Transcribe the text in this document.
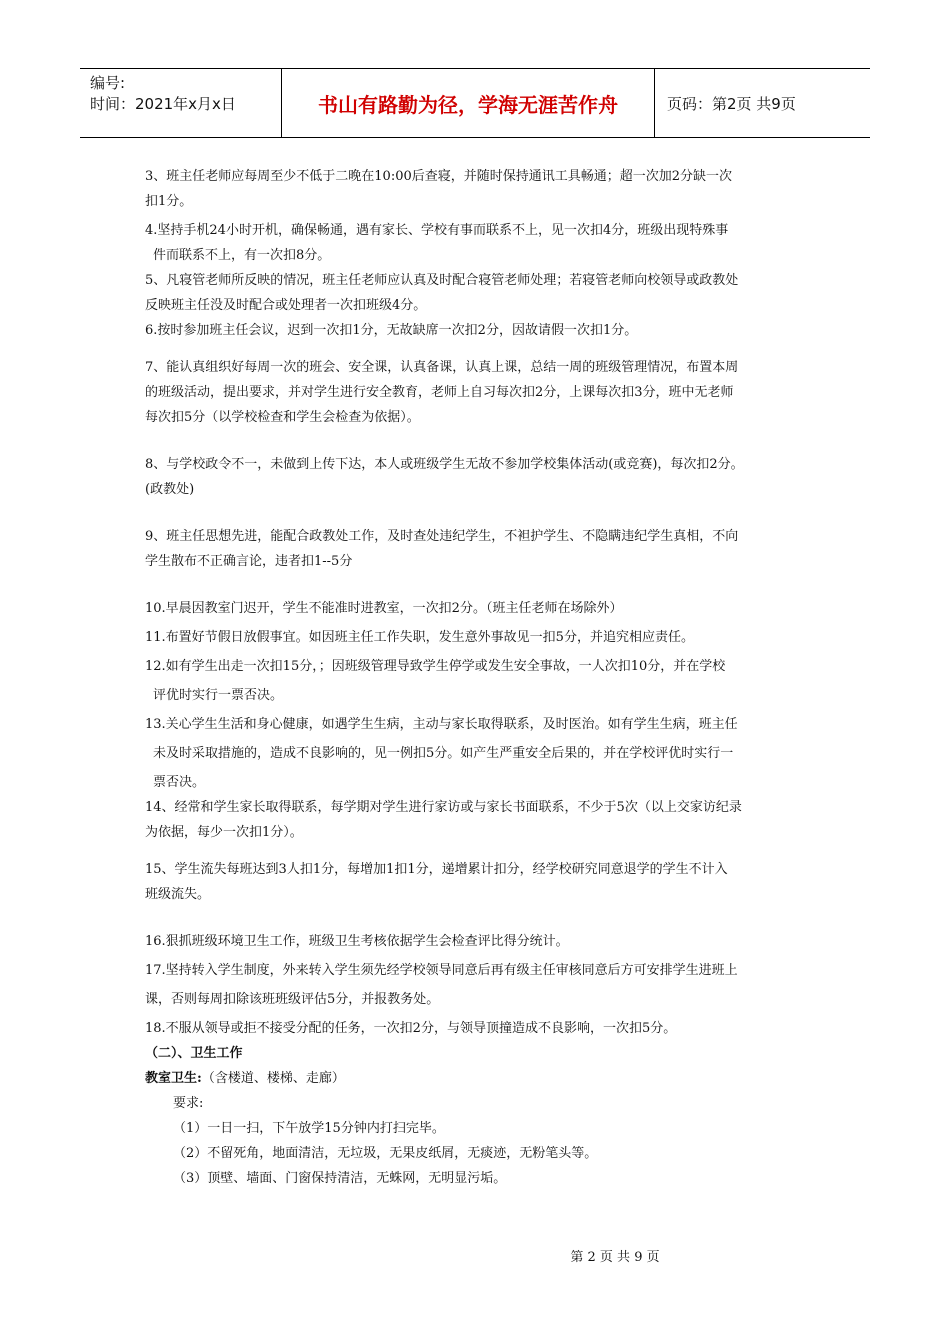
编号:
时间：2021年x月x日	书山有路勤为径，学海无涯苦作舟	页码：第2页 共9页

3、班主任老师应每周至少不低于二晚在10:00后查寝，并随时保持通讯工具畅通；超一次加2分缺一次

扣1分。

4.坚持手机24小时开机，确保畅通，遇有家长、学校有事而联系不上，见一次扣4分，班级出现特殊事

件而联系不上，有一次扣8分。

5、凡寝管老师所反映的情况，班主任老师应认真及时配合寝管老师处理；若寝管老师向校领导或政教处

反映班主任没及时配合或处理者一次扣班级4分。

6.按时参加班主任会议，迟到一次扣1分，无故缺席一次扣2分，因故请假一次扣1分。

7、能认真组织好每周一次的班会、安全课，认真备课，认真上课，总结一周的班级管理情况，布置本周

的班级活动，提出要求，并对学生进行安全教育，老师上自习每次扣2分，上课每次扣3分，班中无老师

每次扣5分（以学校检查和学生会检查为依据）。

8、与学校政令不一，未做到上传下达，本人或班级学生无故不参加学校集体活动(或竞赛)，每次扣2分。

(政教处)

9、班主任思想先进，能配合政教处工作，及时查处违纪学生，不袒护学生、不隐瞒违纪学生真相，不向

学生散布不正确言论，违者扣1--5分

10.早晨因教室门迟开，学生不能准时进教室，一次扣2分。（班主任老师在场除外）

11.布置好节假日放假事宜。如因班主任工作失职，发生意外事故见一扣5分，并追究相应责任。

12.如有学生出走一次扣15分，；因班级管理导致学生停学或发生安全事故，一人次扣10分，并在学校

评优时实行一票否决。

13.关心学生生活和身心健康，如遇学生生病，主动与家长取得联系，及时医治。如有学生生病，班主任

未及时采取措施的，造成不良影响的，见一例扣5分。如产生严重安全后果的，并在学校评优时实行一

票否决。

14、经常和学生家长取得联系，每学期对学生进行家访或与家长书面联系，不少于5次（以上交家访纪录

为依据，每少一次扣1分）。

15、学生流失每班达到3人扣1分，每增加1扣1分，递增累计扣分，经学校研究同意退学的学生不计入

班级流失。

16.狠抓班级环境卫生工作，班级卫生考核依据学生会检查评比得分统计。

17.坚持转入学生制度，外来转入学生须先经学校领导同意后再有级主任审核同意后方可安排学生进班上

课，否则每周扣除该班班级评估5分，并报教务处。

18.不服从领导或拒不接受分配的任务，一次扣2分，与领导顶撞造成不良影响，一次扣5分。

（二）、卫生工作

教室卫生:（含楼道、楼梯、走廊）

要求:

（1）一日一扫，下午放学15分钟内打扫完毕。

（2）不留死角，地面清洁，无垃圾，无果皮纸屑，无痰迹，无粉笔头等。

（3）顶壁、墙面、门窗保持清洁，无蛛网，无明显污垢。

第 2 页 共 9 页
